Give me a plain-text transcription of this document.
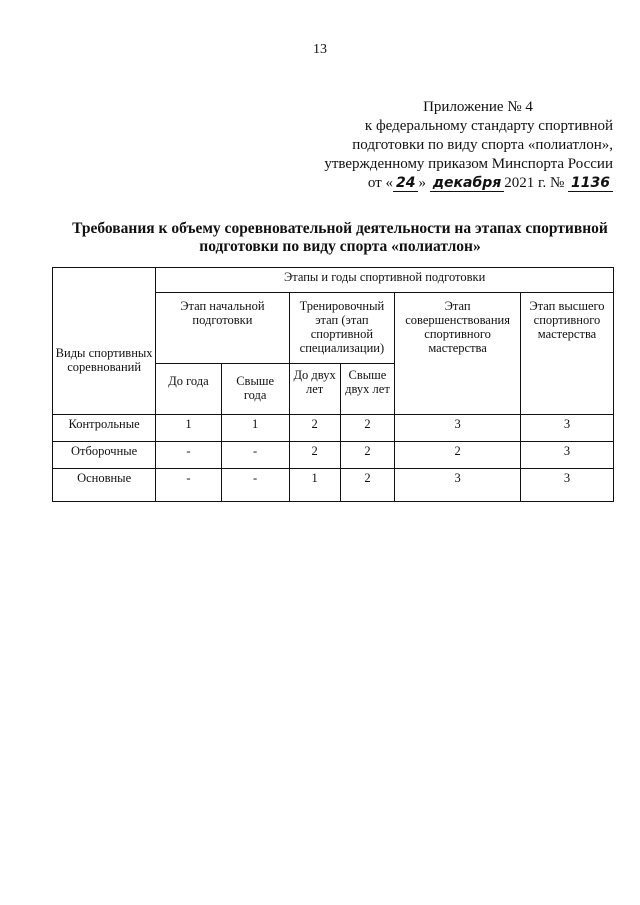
13
Приложение № 4
к федеральному стандарту спортивной
подготовки по виду спорта «полиатлон»,
утвержденному приказом Минспорта России
от « 24 » декабря 2021 г. № 1136
Требования к объему соревновательной деятельности на этапах спортивной
подготовки по виду спорта «полиатлон»
Виды спортивных соревнований	Этапы и годы спортивной подготовки					
	Этап начальной подготовки		Тренировочный этап (этап спортивной специализации)		Этап совершенствования спортивного мастерства	Этап высшего спортивного мастерства
	До года	Свыше года	До двух лет	Свыше двух лет		
Контрольные	1	1	2	2	3	3
Отборочные	-	-	2	2	2	3
Основные	-	-	1	2	3	3
